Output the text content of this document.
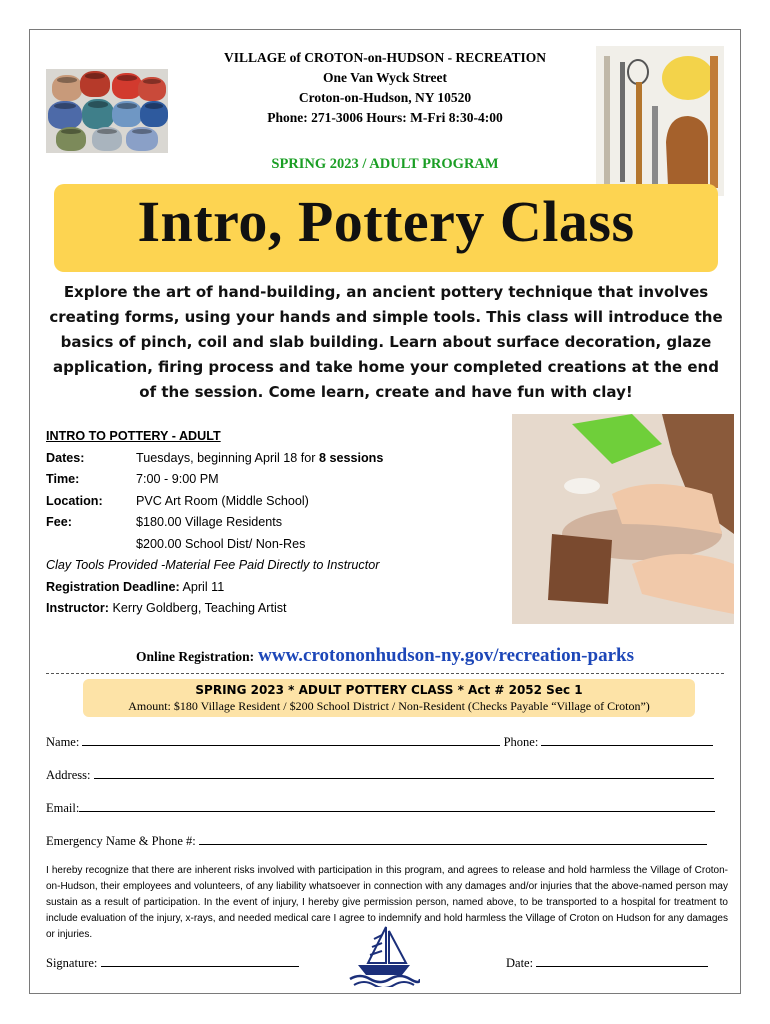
VILLAGE of CROTON-on-HUDSON - RECREATION
One Van Wyck Street
Croton-on-Hudson, NY 10520
Phone: 271-3006 Hours: M-Fri 8:30-4:00
SPRING 2023 / ADULT PROGRAM
Intro, Pottery Class
Explore the art of hand-building, an ancient pottery technique that involves creating forms, using your hands and simple tools. This class will introduce the basics of pinch, coil and slab building. Learn about surface decoration, glaze application, firing process and take home your completed creations at the end of the session. Come learn, create and have fun with clay!
INTRO TO POTTERY - ADULT
Dates:	Tuesdays, beginning April 18 for 8 sessions
Time:	7:00 - 9:00 PM
Location:	PVC Art Room (Middle School)
Fee:	$180.00 Village Residents
$200.00 School Dist/ Non-Res
Clay Tools Provided -Material Fee Paid Directly to Instructor
Registration Deadline: April 11
Instructor: Kerry Goldberg, Teaching Artist
Online Registration: www.crotononhudson-ny.gov/recreation-parks
SPRING 2023 * ADULT POTTERY CLASS * Act # 2052 Sec 1
Amount: $180 Village Resident / $200 School District / Non-Resident (Checks Payable “Village of Croton”)
Name:	Phone:
Address:
Email:
Emergency Name & Phone #:
I hereby recognize that there are inherent risks involved with participation in this program, and agrees to release and hold harmless the Village of Croton-on-Hudson, their employees and volunteers, of any liability whatsoever in connection with any damages and/or injuries that the above-named person may sustain as a result of participation. In the event of injury, I hereby give permission person, named above, to be transported to a hospital for treatment to include evaluation of the injury, x-rays, and needed medical care I agree to indemnify and hold harmless the Village of Croton on Hudson for any damages or injuries.
Signature:	Date:
